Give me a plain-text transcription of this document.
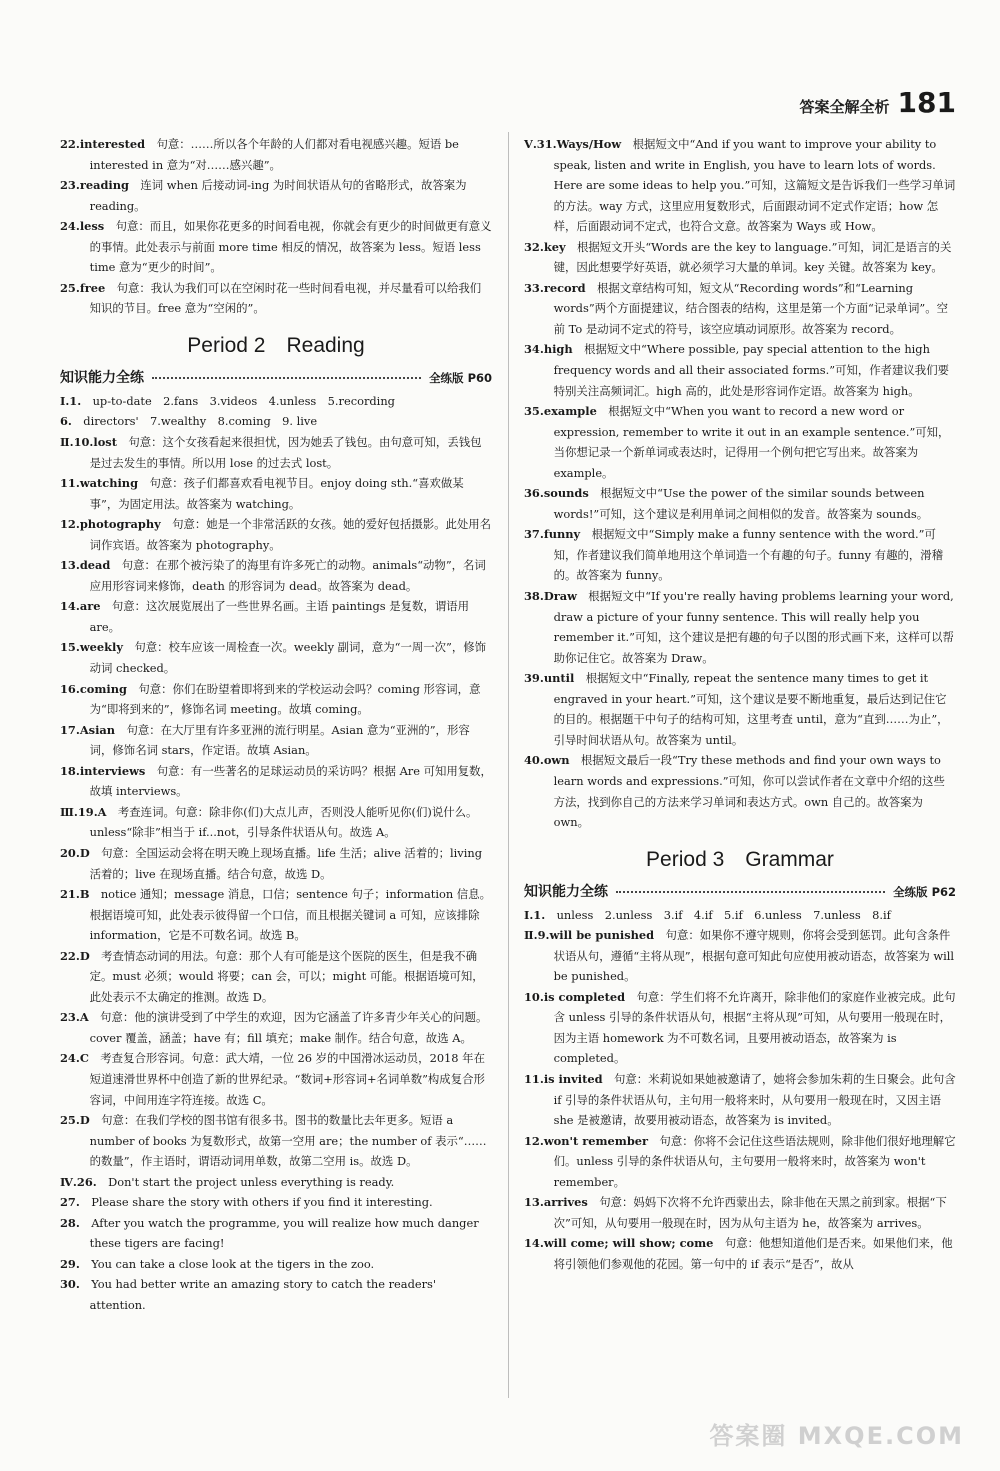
答案全解全析 181

22.interested  句意：……所以各个年龄的人们都对看电视感兴趣。短语 be interested in 意为“对……感兴趣”。

23.reading  连词 when 后接动词-ing 为时间状语从句的省略形式，故答案为 reading。

24.less  句意：而且，如果你花更多的时间看电视，你就会有更少的时间做更有意义的事情。此处表示与前面 more time 相反的情况，故答案为 less。短语 less time 意为“更少的时间”。

25.free  句意：我认为我们可以在空闲时花一些时间看电视，并尽量看可以给我们知识的节目。free 意为“空闲的”。

Period 2　Reading
知识能力全练	全练版 P60

Ⅰ.1.  up-to-date　2.fans　3.videos　4.unless　5.recording

6.  directors'　7.wealthy　8.coming　9. live

Ⅱ.10.lost  句意：这个女孩看起来很担忧，因为她丢了钱包。由句意可知，丢钱包是过去发生的事情。所以用 lose 的过去式 lost。

11.watching  句意：孩子们都喜欢看电视节目。enjoy doing sth.“喜欢做某事”，为固定用法。故答案为 watching。

12.photography  句意：她是一个非常活跃的女孩。她的爱好包括摄影。此处用名词作宾语。故答案为 photography。

13.dead  句意：在那个被污染了的海里有许多死亡的动物。animals“动物”，名词应用形容词来修饰，death 的形容词为 dead。故答案为 dead。

14.are  句意：这次展览展出了一些世界名画。主语 paintings 是复数，谓语用 are。

15.weekly  句意：校车应该一周检查一次。weekly 副词，意为“一周一次”，修饰动词 checked。

16.coming  句意：你们在盼望着即将到来的学校运动会吗？coming 形容词，意为“即将到来的”，修饰名词 meeting。故填 coming。

17.Asian  句意：在大厅里有许多亚洲的流行明星。Asian 意为“亚洲的”，形容词，修饰名词 stars，作定语。故填 Asian。

18.interviews  句意：有一些著名的足球运动员的采访吗？根据 Are 可知用复数，故填 interviews。

Ⅲ.19.A  考查连词。句意：除非你(们)大点儿声，否则没人能听见你(们)说什么。unless“除非”相当于 if...not，引导条件状语从句。故选 A。

20.D  句意：全国运动会将在明天晚上现场直播。life 生活；alive 活着的；living 活着的；live 在现场直播。结合句意，故选 D。

21.B  notice 通知；message 消息，口信；sentence 句子；information 信息。根据语境可知，此处表示彼得留一个口信，而且根据关键词 a 可知，应该排除 information，它是不可数名词。故选 B。

22.D  考查情态动词的用法。句意：那个人有可能是这个医院的医生，但是我不确定。must 必须；would 将要；can 会，可以；might 可能。根据语境可知，此处表示不太确定的推测。故选 D。

23.A  句意：他的演讲受到了中学生的欢迎，因为它涵盖了许多青少年关心的问题。cover 覆盖，涵盖；have 有；fill 填充；make 制作。结合句意，故选 A。

24.C  考查复合形容词。句意：武大靖，一位 26 岁的中国滑冰运动员，2018 年在短道速滑世界杯中创造了新的世界纪录。“数词+形容词+名词单数”构成复合形容词，中间用连字符连接。故选 C。

25.D  句意：在我们学校的图书馆有很多书。图书的数量比去年更多。短语 a number of books 为复数形式，故第一空用 are；the number of 表示“……的数量”，作主语时，谓语动词用单数，故第二空用 is。故选 D。

Ⅳ.26.  Don't start the project unless everything is ready.

27.  Please share the story with others if you find it interesting.

28.  After you watch the programme, you will realize how much danger these tigers are facing!

29.  You can take a close look at the tigers in the zoo.

30.  You had better write an amazing story to catch the readers' attention.

Ⅴ.31.Ways/How  根据短文中“And if you want to improve your ability to speak, listen and write in English, you have to learn lots of words. Here are some ideas to help you.”可知，这篇短文是告诉我们一些学习单词的方法。way 方式，这里应用复数形式，后面跟动词不定式作定语；how 怎样，后面跟动词不定式，也符合文意。故答案为 Ways 或 How。

32.key  根据短文开头“Words are the key to language.”可知，词汇是语言的关键，因此想要学好英语，就必须学习大量的单词。key 关键。故答案为 key。

33.record  根据文章结构可知，短文从“Recording words”和“Learning words”两个方面提建议，结合图表的结构，这里是第一个方面“记录单词”。空前 To 是动词不定式的符号，该空应填动词原形。故答案为 record。

34.high  根据短文中“Where possible, pay special attention to the high frequency words and all their associated forms.”可知，作者建议我们要特别关注高频词汇。high 高的，此处是形容词作定语。故答案为 high。

35.example  根据短文中“When you want to record a new word or expression, remember to write it out in an example sentence.”可知，当你想记录一个新单词或表达时，记得用一个例句把它写出来。故答案为 example。

36.sounds  根据短文中“Use the power of the similar sounds between words!”可知，这个建议是利用单词之间相似的发音。故答案为 sounds。

37.funny  根据短文中“Simply make a funny sentence with the word.”可知，作者建议我们简单地用这个单词造一个有趣的句子。funny 有趣的，滑稽的。故答案为 funny。

38.Draw  根据短文中“If you're really having problems learning your word, draw a picture of your funny sentence. This will really help you remember it.”可知，这个建议是把有趣的句子以图的形式画下来，这样可以帮助你记住它。故答案为 Draw。

39.until  根据短文中“Finally, repeat the sentence many times to get it engraved in your heart.”可知，这个建议是要不断地重复，最后达到记住它的目的。根据题干中句子的结构可知，这里考查 until，意为“直到……为止”，引导时间状语从句。故答案为 until。

40.own  根据短文最后一段“Try these methods and find your own ways to learn words and expressions.”可知，你可以尝试作者在文章中介绍的这些方法，找到你自己的方法来学习单词和表达方式。own 自己的。故答案为 own。

Period 3　Grammar
知识能力全练	全练版 P62

Ⅰ.1.  unless　2.unless　3.if　4.if　5.if　6.unless　7.unless　8.if

Ⅱ.9.will be punished  句意：如果你不遵守规则，你将会受到惩罚。此句含条件状语从句，遵循“主将从现”，根据句意可知此句应使用被动语态，故答案为 will be punished。

10.is completed  句意：学生们将不允许离开，除非他们的家庭作业被完成。此句含 unless 引导的条件状语从句，根据“主将从现”可知，从句要用一般现在时，因为主语 homework 为不可数名词，且要用被动语态，故答案为 is completed。

11.is invited  句意：米莉说如果她被邀请了，她将会参加朱莉的生日聚会。此句含 if 引导的条件状语从句，主句用一般将来时，从句要用一般现在时，又因主语 she 是被邀请，故要用被动语态，故答案为 is invited。

12.won't remember  句意：你将不会记住这些语法规则，除非他们很好地理解它们。unless 引导的条件状语从句，主句要用一般将来时，故答案为 won't remember。

13.arrives  句意：妈妈下次将不允许西蒙出去，除非他在天黑之前到家。根据“下次”可知，从句要用一般现在时，因为从句主语为 he，故答案为 arrives。

14.will come; will show; come  句意：他想知道他们是否来。如果他们来，他将引领他们参观他的花园。第一句中的 if 表示“是否”，故从

答案圈 MXQE.COM
